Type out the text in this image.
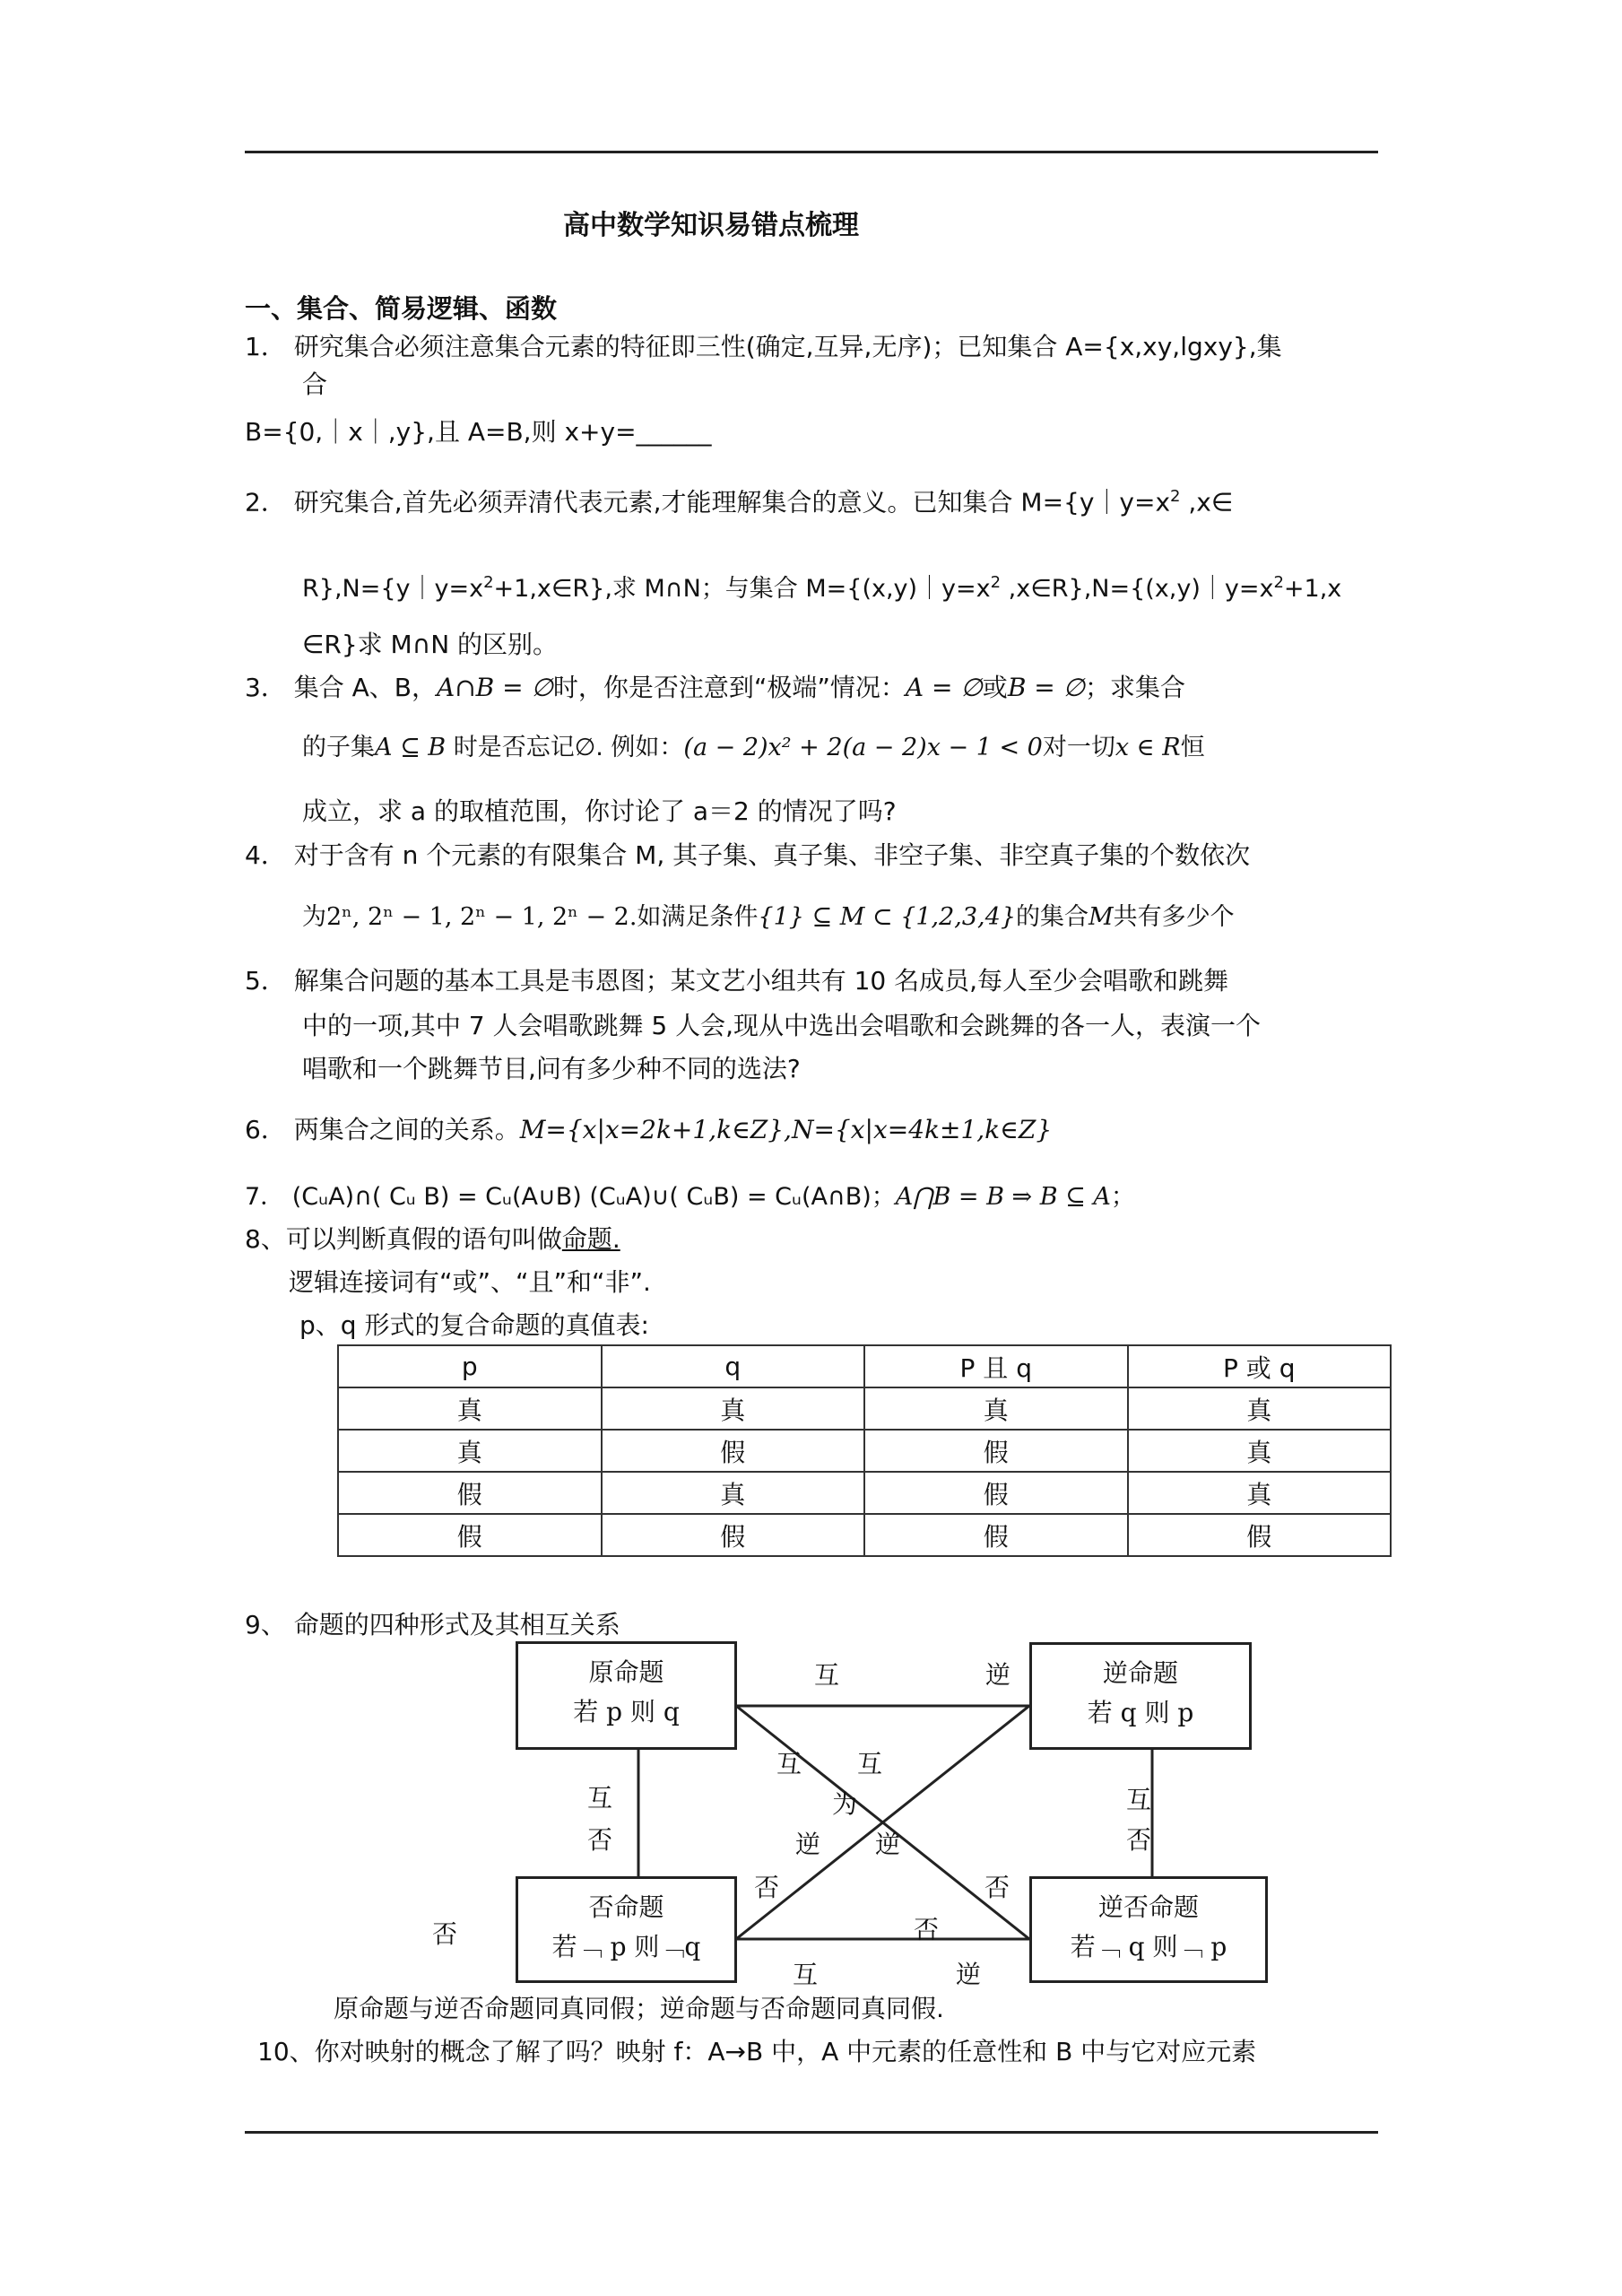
高中数学知识易错点梳理
一、集合、简易逻辑、函数
1． 研究集合必须注意集合元素的特征即三性(确定,互异,无序)；已知集合 A={x,xy,lgxy},集
合
B={0,｜x｜,y},且 A=B,则 x+y=______
2． 研究集合,首先必须弄清代表元素,才能理解集合的意义。已知集合 $M=\{y|y=x^2$ ,x∈
$R\},N=\{y|y=x^2+1,x\in R\}$,求 M∩N；与集合 $M=\{(x,y)|y=x^2$ $,x\in R\},N=\{(x,y)|y=x^2+1,x$
∈R}求 M∩N 的区别。
3． 集合 A、B，A∩B = ∅时，你是否注意到“极端”情况：A = ∅或B = ∅；求集合
的子集A ⊆ B 时是否忘记∅. 例如：(a − 2)x² + 2(a − 2)x − 1 < 0对一切x ∈ R恒
成立，求 a 的取植范围，你讨论了 a＝2 的情况了吗?
4． 对于含有 n 个元素的有限集合 M, 其子集、真子集、非空子集、非空真子集的个数依次
为2ⁿ, 2ⁿ − 1, 2ⁿ − 1, 2ⁿ − 2.如满足条件{1} ⊆ M ⊂ {1,2,3,4}的集合M共有多少个
5． 解集合问题的基本工具是韦恩图；某文艺小组共有 10 名成员,每人至少会唱歌和跳舞
中的一项,其中 7 人会唱歌跳舞 5 人会,现从中选出会唱歌和会跳舞的各一人，表演一个
唱歌和一个跳舞节目,问有多少种不同的选法?
6． 两集合之间的关系。M={x|x=2k+1,k∈Z},N={x|x=4k±1,k∈Z}
7． (CᵤA)∩( Cᵤ B) = Cᵤ(A∪B) (CᵤA)∪( CᵤB) = Cᵤ(A∩B)；A⋂B = B ⇒ B ⊆ A；
8、可以判断真假的语句叫做命题.
逻辑连接词有“或”、“且”和“非”.
p、q 形式的复合命题的真值表:
p	q	P 且 q	P 或 q
真	真	真	真
真	假	假	真
假	真	假	真
假	假	假	假
9、 命题的四种形式及其相互关系
原命题
若 p 则 q
逆命题
若 q 则 p
否命题
若﹁ p 则﹁q
逆否命题
若﹁ q 则﹁ p
互	逆
互
否
互
否
互 互
为
逆 逆
否	否
否
否
互	逆
原命题与逆否命题同真同假；逆命题与否命题同真同假.
10、你对映射的概念了解了吗？映射 f：A→B 中，A 中元素的任意性和 B 中与它对应元素
